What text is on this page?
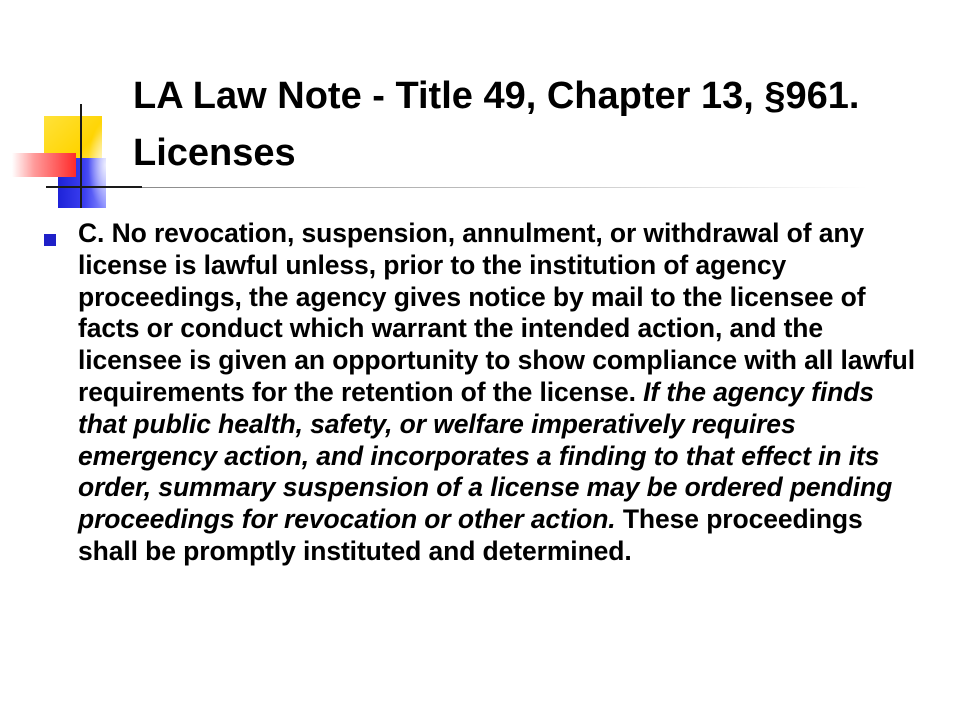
LA Law Note - Title 49, Chapter 13, §961.
Licenses

C. No revocation, suspension, annulment, or withdrawal of any license is lawful unless, prior to the institution of agency proceedings, the agency gives notice by mail to the licensee of facts or conduct which warrant the intended action, and the licensee is given an opportunity to show compliance with all lawful requirements for the retention of the license. If the agency finds that public health, safety, or welfare imperatively requires emergency action, and incorporates a finding to that effect in its order, summary suspension of a license may be ordered pending proceedings for revocation or other action. These proceedings shall be promptly instituted and determined.
